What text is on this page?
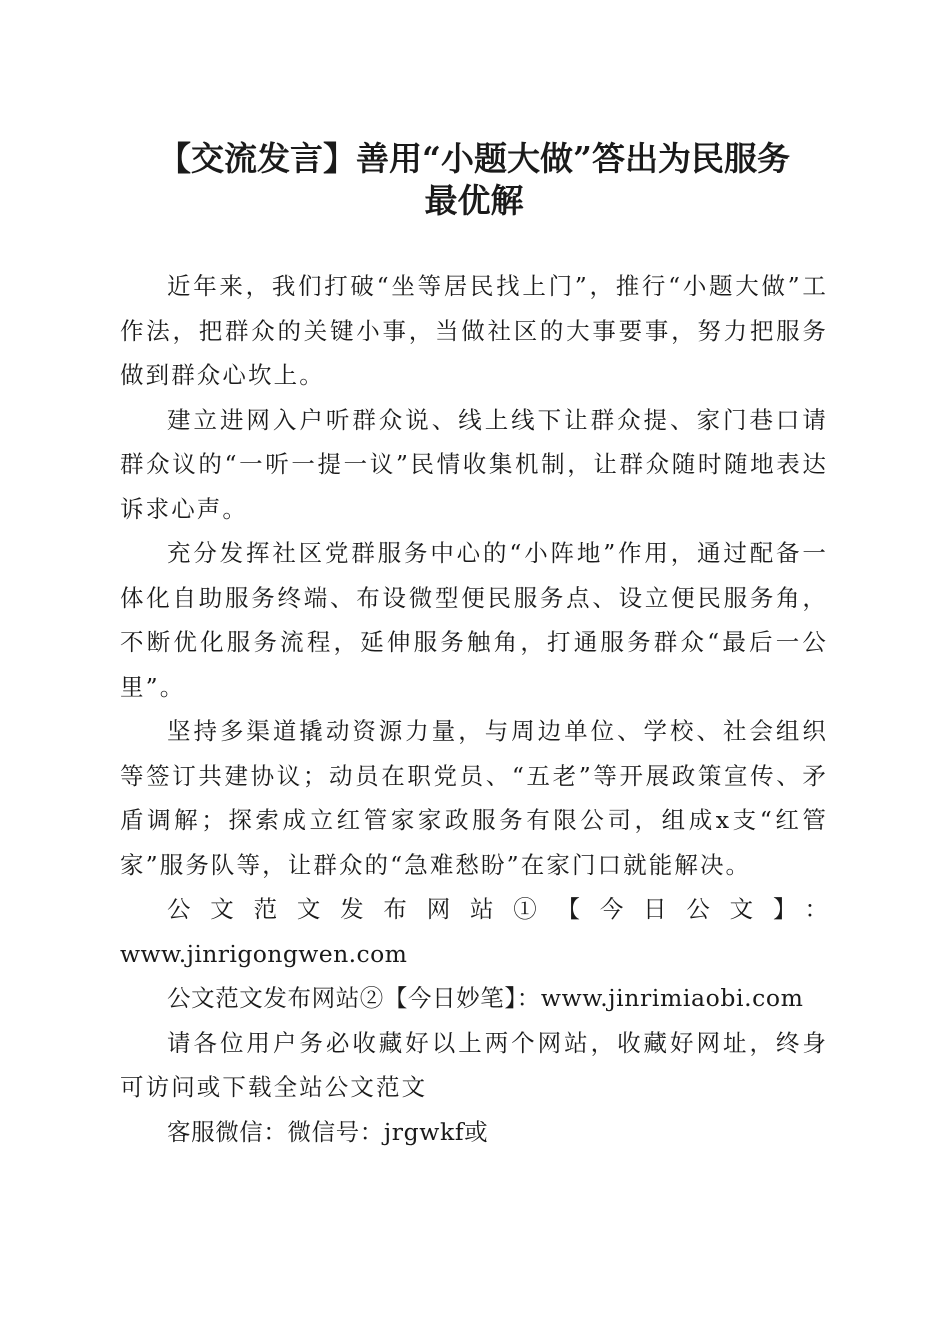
【交流发言】善用“小题大做”答出为民服务
最优解

近年来，我们打破“坐等居民找上门”，推行“小题大做”工作法，把群众的关键小事，当做社区的大事要事，努力把服务做到群众心坎上。

建立进网入户听群众说、线上线下让群众提、家门巷口请群众议的“一听一提一议”民情收集机制，让群众随时随地表达诉求心声。

充分发挥社区党群服务中心的“小阵地”作用，通过配备一体化自助服务终端、布设微型便民服务点、设立便民服务角，不断优化服务流程，延伸服务触角，打通服务群众“最后一公里”。

坚持多渠道撬动资源力量，与周边单位、学校、社会组织等签订共建协议；动员在职党员、“五老”等开展政策宣传、矛盾调解；探索成立红管家家政服务有限公司，组成x支“红管家”服务队等，让群众的“急难愁盼”在家门口就能解决。

公文范文发布网站①【今日公文】：

www.jinrigongwen.com

公文范文发布网站②【今日妙笔】：www.jinrimiaobi.com

请各位用户务必收藏好以上两个网站，收藏好网址，终身可访问或下载全站公文范文

客服微信：微信号：jrgwkf或
